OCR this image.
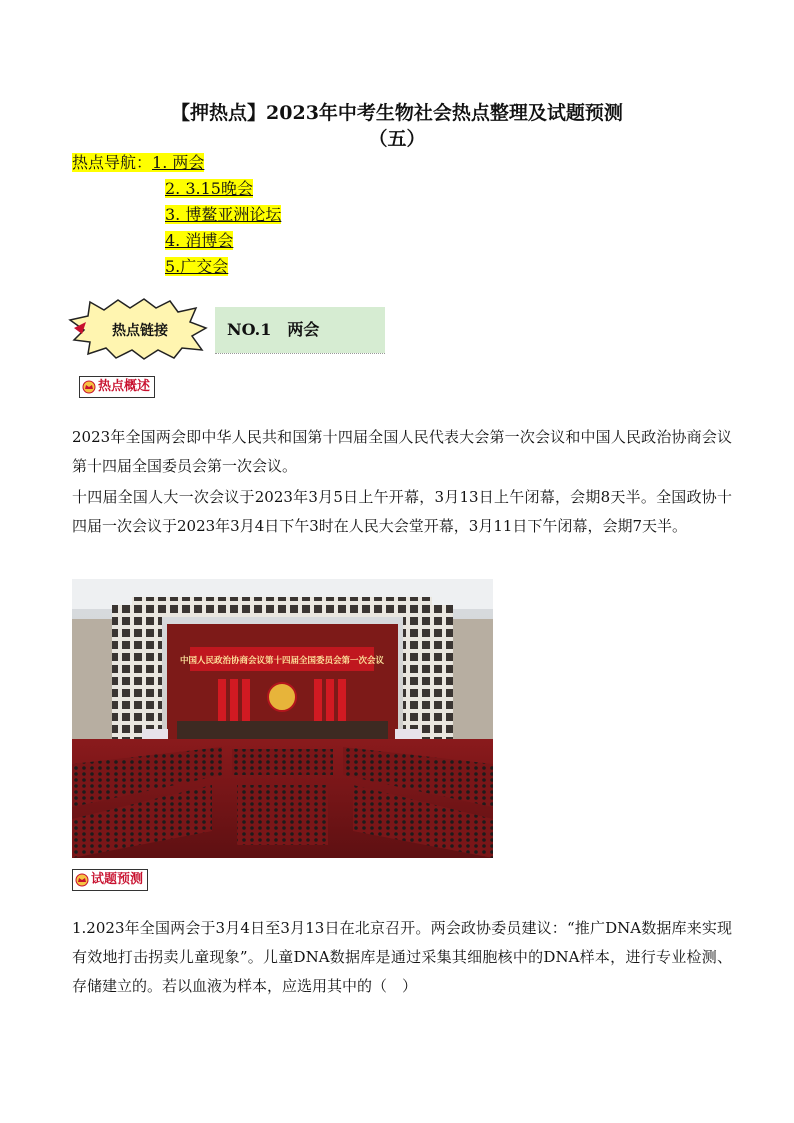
【押热点】2023年中考生物社会热点整理及试题预测
（五）
热点导航：1. 两会
2. 3.15晚会
3. 博鳌亚洲论坛
4. 消博会
5.广交会
热点链接	NO.1　两会
热点概述
2023年全国两会即中华人民共和国第十四届全国人民代表大会第一次会议和中国人民政治协商会议第十四届全国委员会第一次会议。
十四届全国人大一次会议于2023年3月5日上午开幕，3月13日上午闭幕，会期8天半。全国政协十四届一次会议于2023年3月4日下午3时在人民大会堂开幕，3月11日下午闭幕，会期7天半。
中国人民政治协商会议第十四届全国委员会第一次会议
试题预测
1.2023年全国两会于3月4日至3月13日在北京召开。两会政协委员建议：“推广DNA数据库来实现有效地打击拐卖儿童现象”。儿童DNA数据库是通过采集其细胞核中的DNA样本，进行专业检测、存储建立的。若以血液为样本，应选用其中的（　）
